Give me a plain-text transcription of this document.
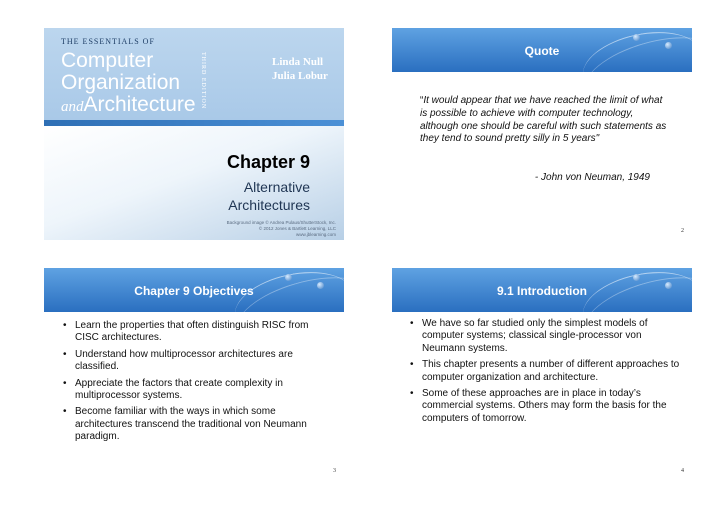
THE ESSENTIALS OF
Computer
Organization
andArchitecture THIRD EDITION	Linda Null
Julia Lobur
Chapter 9
Alternative
Architectures
Background image © Andrea Pulaus/ShutterStock, Inc.
© 2012 Jones & Bartlett Learning, LLC
www.jblearning.com
Quote
“It would appear that we have reached the limit of what is possible to achieve with computer technology, although one should be careful with such statements as they tend to sound pretty silly in 5 years"
- John von Neuman, 1949
2
Chapter 9 Objectives
• Learn the properties that often distinguish RISC from CISC architectures.
• Understand how multiprocessor architectures are classified.
• Appreciate the factors that create complexity in multiprocessor systems.
• Become familiar with the ways in which some architectures transcend the traditional von Neumann paradigm.
3
9.1 Introduction
• We have so far studied only the simplest models of computer systems; classical single-processor von Neumann systems.
• This chapter presents a number of different approaches to computer organization and architecture.
• Some of these approaches are in place in today’s commercial systems. Others may form the basis for the computers of tomorrow.
4
